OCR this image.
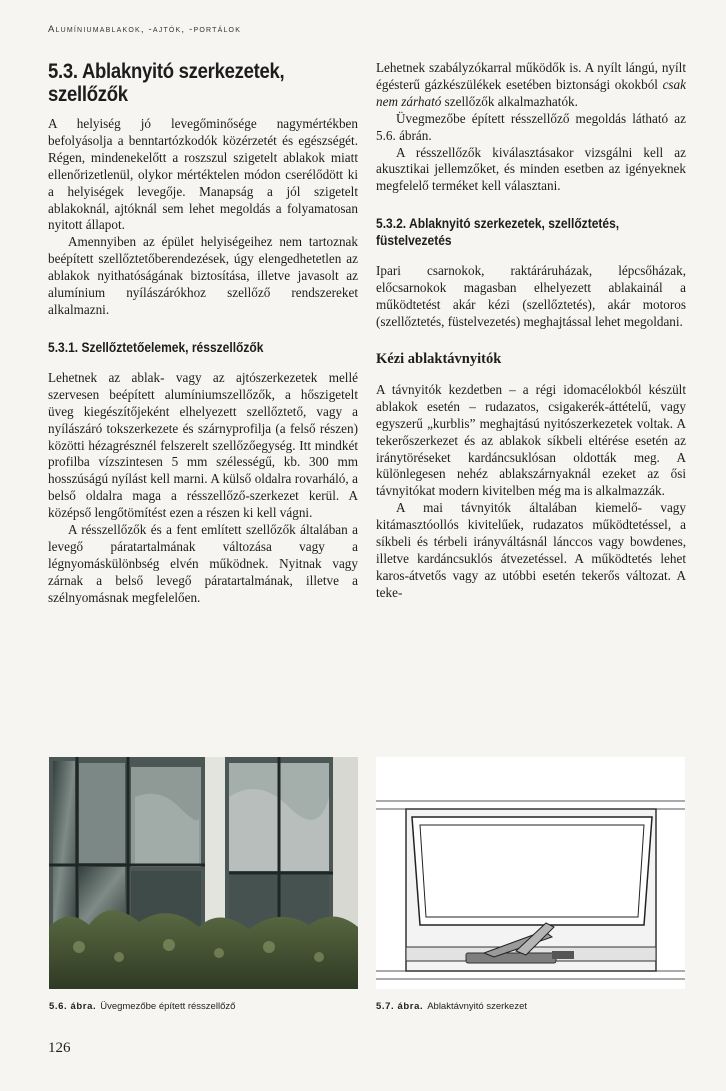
Alumíniumablakok, -ajtók, -portálok
5.3. Ablaknyitó szerkezetek, szellőzők

A helyiség jó levegőminősége nagymértékben befolyásolja a benntartózkodók közérzetét és egészségét. Régen, mindenekelőtt a roszszul szigetelt ablakok miatt ellenőrizetlenül, olykor mértéktelen módon cserélődött ki a helyiségek levegője. Manapság a jól szigetelt ablakoknál, ajtóknál sem lehet megoldás a folyamatosan nyitott állapot.

Amennyiben az épület helyiségeihez nem tartoznak beépített szellőztetőberendezések, úgy elengedhetetlen az ablakok nyithatóságának biztosítása, illetve javasolt az alumínium nyílászárókhoz szellőző rendszereket alkalmazni.

5.3.1. Szellőztetőelemek, résszellőzők

Lehetnek az ablak- vagy az ajtószerkezetek mellé szervesen beépített alumíniumszellőzők, a hőszigetelt üveg kiegészítőjeként elhelyezett szellőztető, vagy a nyílászáró tokszerkezete és szárnyprofilja (a felső részen) közötti hézagrésznél felszerelt szellőzőegység. Itt mindkét profilba vízszintesen 5 mm szélességű, kb. 300 mm hosszúságú nyílást kell marni. A külső oldalra rovarháló, a belső oldalra maga a résszellőző-szerkezet kerül. A középső lengőtömítést ezen a részen ki kell vágni.

A résszellőzők és a fent említett szellőzők általában a levegő páratartalmának változása vagy a légnyomáskülönbség elvén működnek. Nyitnak vagy zárnak a belső levegő páratartalmának, illetve a szélnyomásnak megfelelően.

Lehetnek szabályzókarral működők is. A nyílt lángú, nyílt égésterű gázkészülékek esetében biztonsági okokból csak nem zárható szellőzők alkalmazhatók.

Üvegmezőbe épített résszellőző megoldás látható az 5.6. ábrán.

A résszellőzők kiválasztásakor vizsgálni kell az akusztikai jellemzőket, és minden esetben az igényeknek megfelelő terméket kell választani.

5.3.2. Ablaknyitó szerkezetek, szellőztetés, füstelvezetés

Ipari csarnokok, raktáráruházak, lépcsőházak, előcsarnokok magasban elhelyezett ablakainál a működtetést akár kézi (szellőztetés), akár motoros (szellőztetés, füstelvezetés) meghajtással lehet megoldani.

Kézi ablaktávnyitók

A távnyitók kezdetben – a régi idomacélokból készült ablakok esetén – rudazatos, csigakerék-áttételű, vagy egyszerű „kurblis” meghajtású nyitószerkezetek voltak. A tekerőszerkezet és az ablakok síkbeli eltérése esetén az iránytöréseket kardáncsuklósan oldották meg. A különlegesen nehéz ablakszárnyaknál ezeket az ősi távnyitókat modern kivitelben még ma is alkalmazzák.

A mai távnyitók általában kiemelő- vagy kitámasztóollós kivitelűek, rudazatos működtetéssel, a síkbeli és térbeli irányváltásnál lánccos vagy bowdenes, illetve kardáncsuklós átvezetéssel. A működtetés lehet karos-átvetős vagy az utóbbi esetén tekerős változat. A teke-

5.6. ábra. Üvegmezőbe épített résszellőző	5.7. ábra. Ablaktávnyitó szerkezet
126
